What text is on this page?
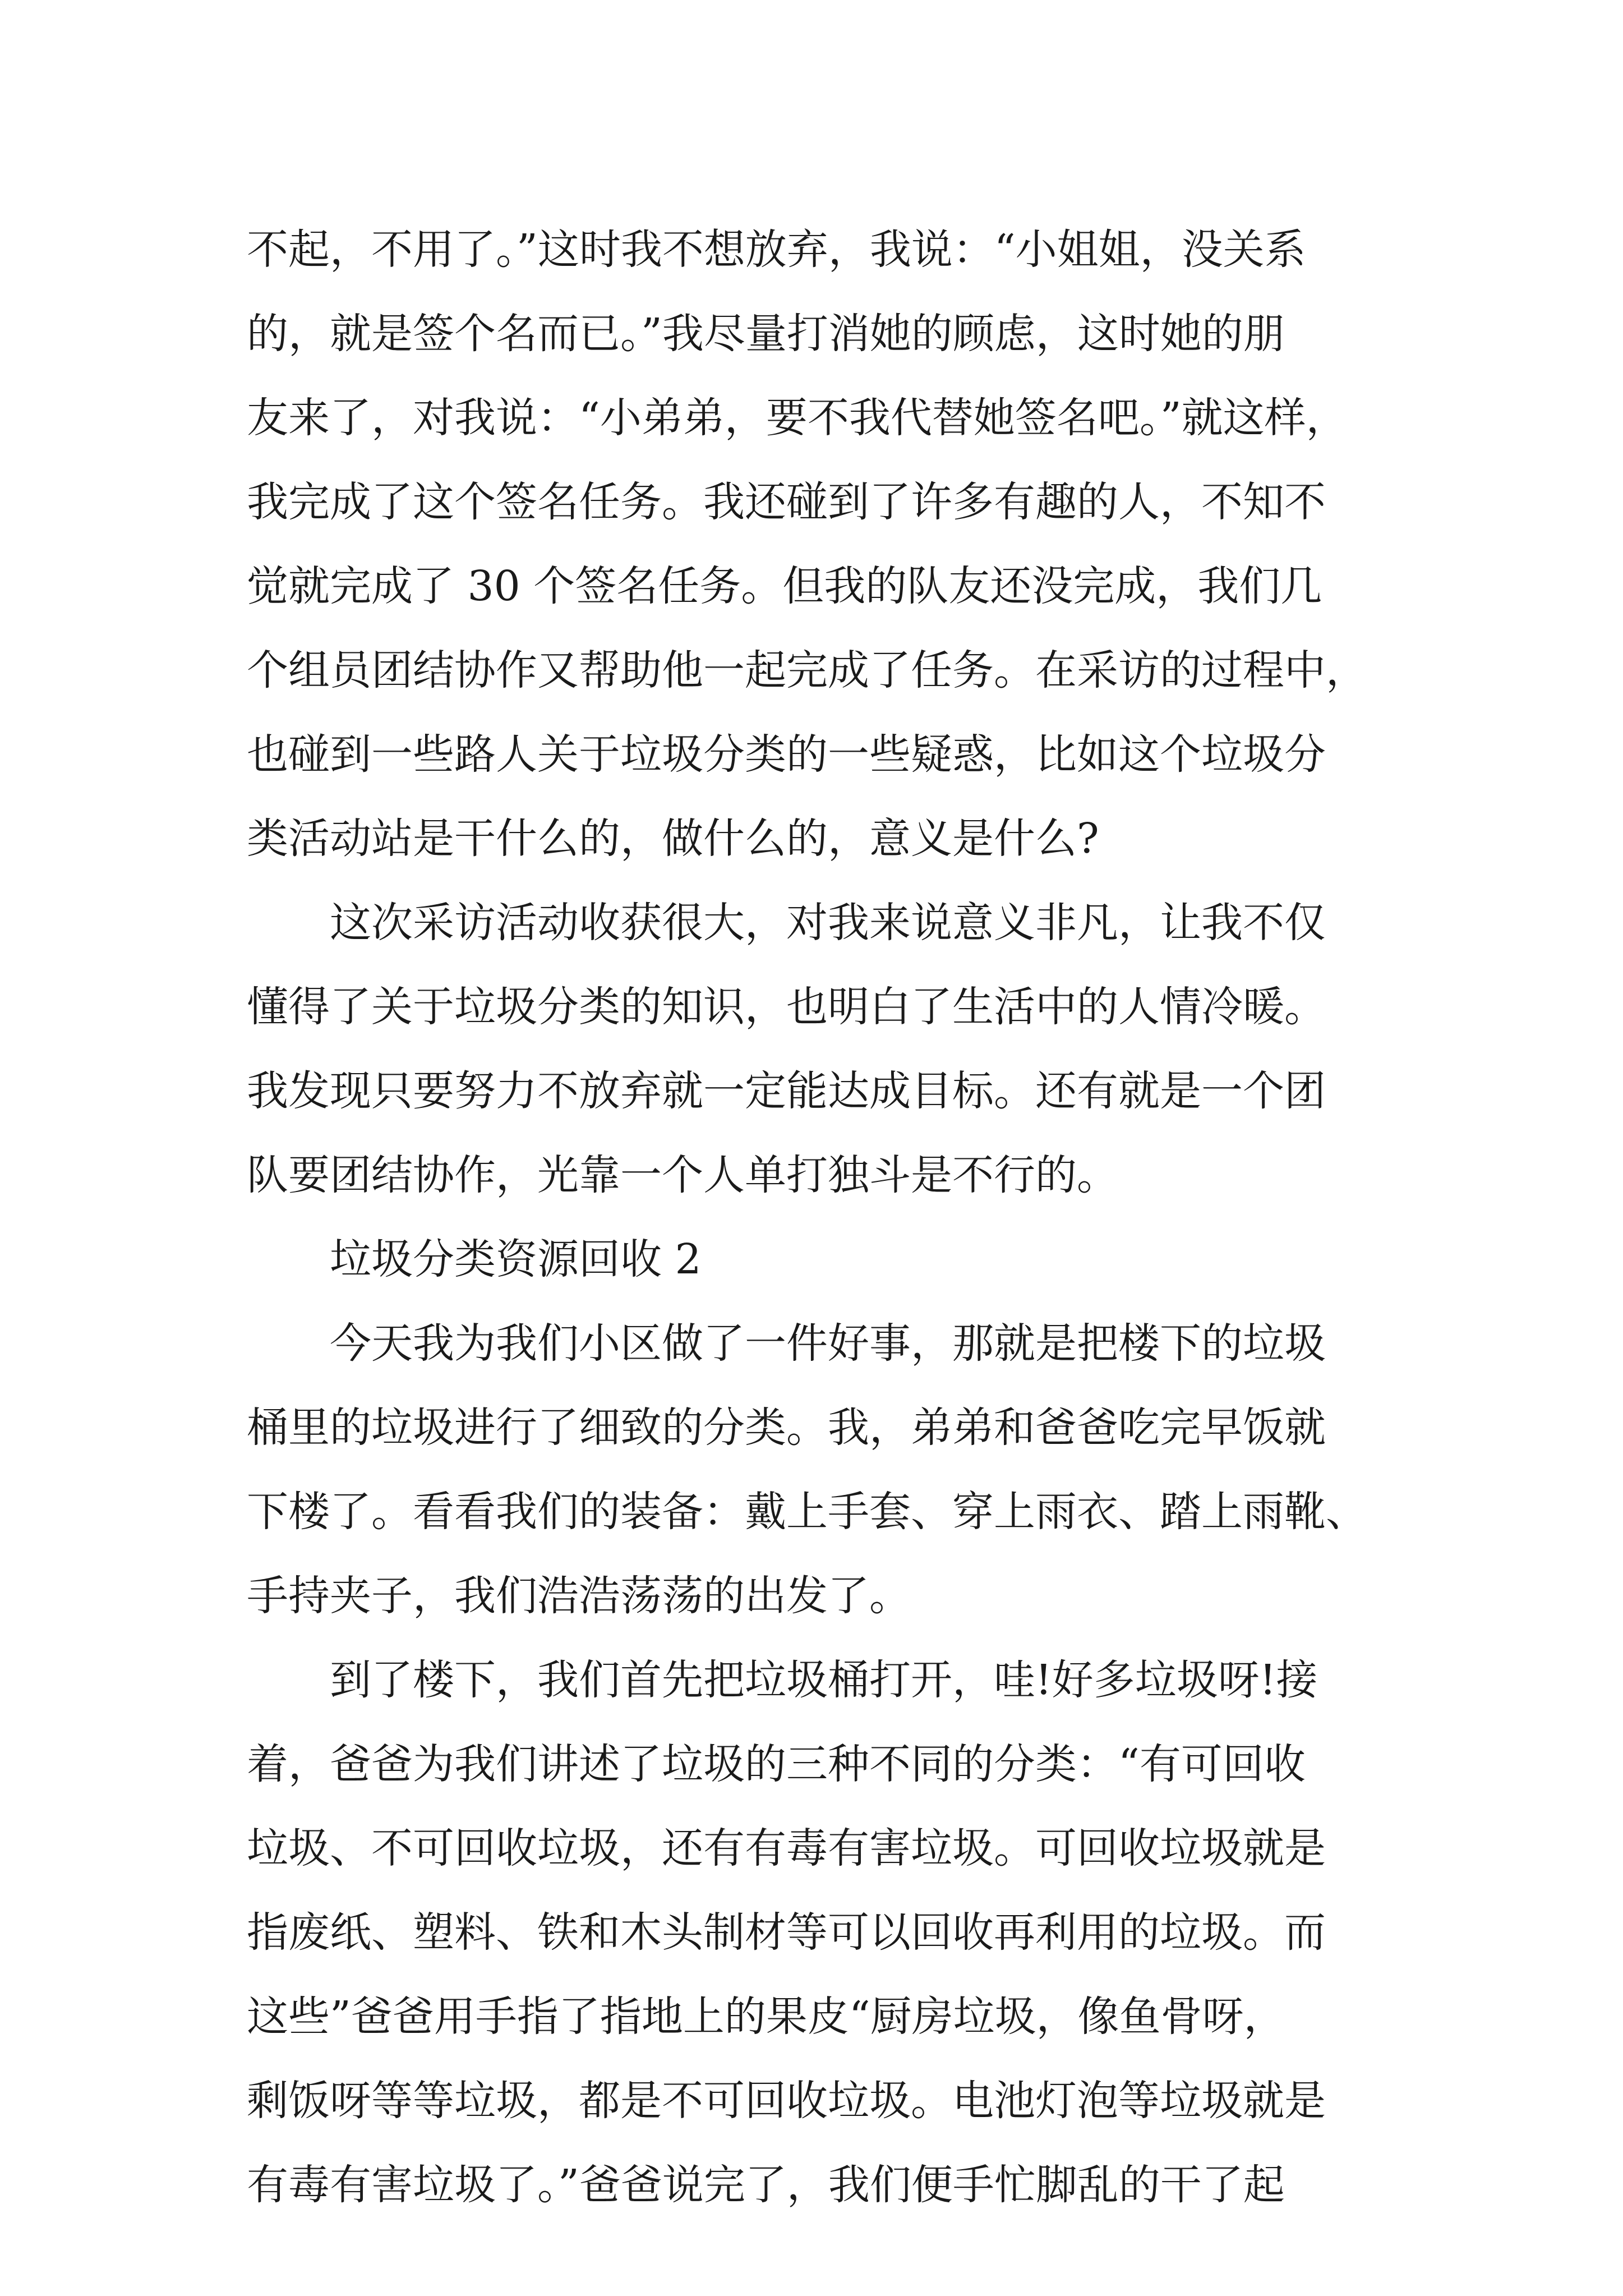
不起，不用了。”这时我不想放弃，我说：“小姐姐，没关系
的，就是签个名而已。”我尽量打消她的顾虑，这时她的朋
友来了，对我说：“小弟弟，要不我代替她签名吧。”就这样，
我完成了这个签名任务。我还碰到了许多有趣的人，不知不
觉就完成了 30 个签名任务。但我的队友还没完成，我们几
个组员团结协作又帮助他一起完成了任务。在采访的过程中，
也碰到一些路人关于垃圾分类的一些疑惑，比如这个垃圾分
类活动站是干什么的，做什么的，意义是什么?
这次采访活动收获很大，对我来说意义非凡，让我不仅
懂得了关于垃圾分类的知识，也明白了生活中的人情冷暖。
我发现只要努力不放弃就一定能达成目标。还有就是一个团
队要团结协作，光靠一个人单打独斗是不行的。
垃圾分类资源回收 2
今天我为我们小区做了一件好事，那就是把楼下的垃圾
桶里的垃圾进行了细致的分类。我，弟弟和爸爸吃完早饭就
下楼了。看看我们的装备：戴上手套、穿上雨衣、踏上雨靴、
手持夹子，我们浩浩荡荡的出发了。
到了楼下，我们首先把垃圾桶打开，哇!好多垃圾呀!接
着，爸爸为我们讲述了垃圾的三种不同的分类：“有可回收
垃圾、不可回收垃圾，还有有毒有害垃圾。可回收垃圾就是
指废纸、塑料、铁和木头制材等可以回收再利用的垃圾。而
这些”爸爸用手指了指地上的果皮“厨房垃圾，像鱼骨呀，
剩饭呀等等垃圾，都是不可回收垃圾。电池灯泡等垃圾就是
有毒有害垃圾了。”爸爸说完了，我们便手忙脚乱的干了起
